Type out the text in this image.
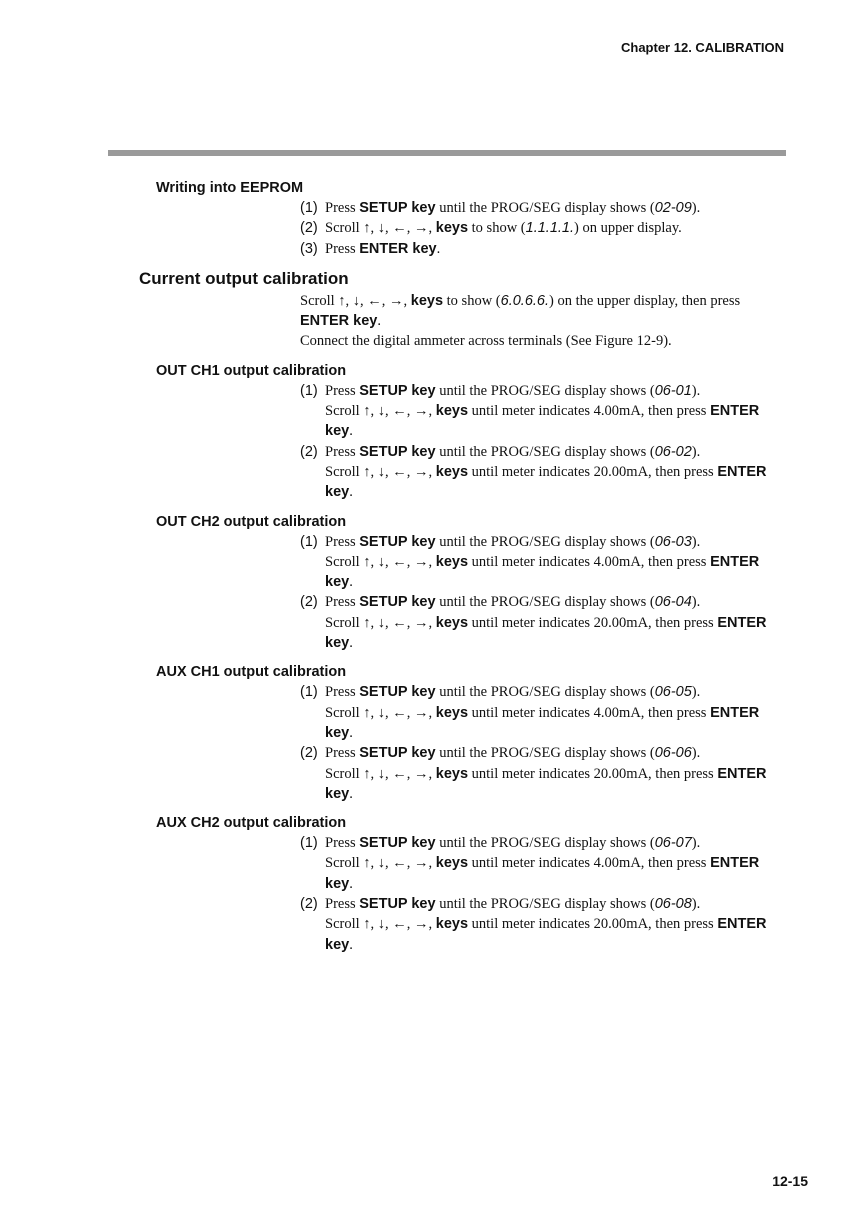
Chapter 12. CALIBRATION
Writing into EEPROM
(1) Press SETUP key until the PROG/SEG display shows (02-09).
(2) Scroll ↑, ↓, ←, →, keys to show (1.1.1.1.) on upper display.
(3) Press ENTER key.
Current output calibration
Scroll ↑, ↓, ←, →, keys to show (6.0.6.6.) on the upper display, then press
ENTER key.
Connect the digital ammeter across terminals (See Figure 12-9).
OUT CH1 output calibration
(1) Press SETUP key until the PROG/SEG display shows (06-01).
Scroll ↑, ↓, ←, →, keys until meter indicates 4.00mA, then press ENTER
key.
(2) Press SETUP key until the PROG/SEG display shows (06-02).
Scroll ↑, ↓, ←, →, keys until meter indicates 20.00mA, then press ENTER
key.
OUT CH2 output calibration
(1) Press SETUP key until the PROG/SEG display shows (06-03).
Scroll ↑, ↓, ←, →, keys until meter indicates 4.00mA, then press ENTER
key.
(2) Press SETUP key until the PROG/SEG display shows (06-04).
Scroll ↑, ↓, ←, →, keys until meter indicates 20.00mA, then press ENTER
key.
AUX CH1 output calibration
(1) Press SETUP key until the PROG/SEG display shows (06-05).
Scroll ↑, ↓, ←, →, keys until meter indicates 4.00mA, then press ENTER
key.
(2) Press SETUP key until the PROG/SEG display shows (06-06).
Scroll ↑, ↓, ←, →, keys until meter indicates 20.00mA, then press ENTER
key.
AUX CH2 output calibration
(1) Press SETUP key until the PROG/SEG display shows (06-07).
Scroll ↑, ↓, ←, →, keys until meter indicates 4.00mA, then press ENTER
key.
(2) Press SETUP key until the PROG/SEG display shows (06-08).
Scroll ↑, ↓, ←, →, keys until meter indicates 20.00mA, then press ENTER
key.
12-15
